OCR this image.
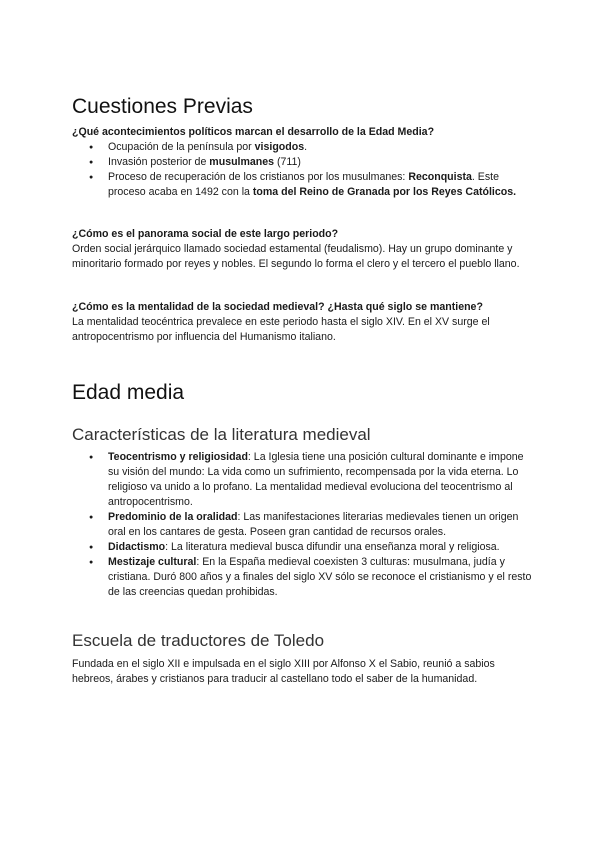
Cuestiones Previas
¿Qué acontecimientos políticos marcan el desarrollo de la Edad Media?
● Ocupación de la península por visigodos.
● Invasión posterior de musulmanes (711)
● Proceso de recuperación de los cristianos por los musulmanes: Reconquista. Este proceso acaba en 1492 con la toma del Reino de Granada por los Reyes Católicos.
¿Cómo es el panorama social de este largo periodo?
Orden social jerárquico llamado sociedad estamental (feudalismo). Hay un grupo dominante y minoritario formado por reyes y nobles. El segundo lo forma el clero y el tercero el pueblo llano.
¿Cómo es la mentalidad de la sociedad medieval? ¿Hasta qué siglo se mantiene?
La mentalidad teocéntrica prevalece en este periodo hasta el siglo XIV. En el XV surge el antropocentrismo por influencia del Humanismo italiano.
Edad media
Características de la literatura medieval
● Teocentrismo y religiosidad: La Iglesia tiene una posición cultural dominante e impone su visión del mundo: La vida como un sufrimiento, recompensada por la vida eterna. Lo religioso va unido a lo profano. La mentalidad medieval evoluciona del teocentrismo al antropocentrismo.
● Predominio de la oralidad: Las manifestaciones literarias medievales tienen un origen oral en los cantares de gesta. Poseen gran cantidad de recursos orales.
● Didactismo: La literatura medieval busca difundir una enseñanza moral y religiosa.
● Mestizaje cultural: En la España medieval coexisten 3 culturas: musulmana, judía y cristiana. Duró 800 años y a finales del siglo XV sólo se reconoce el cristianismo y el resto de las creencias quedan prohibidas.
Escuela de traductores de Toledo
Fundada en el siglo XII e impulsada en el siglo XIII por Alfonso X el Sabio, reunió a sabios hebreos, árabes y cristianos para traducir al castellano todo el saber de la humanidad.
